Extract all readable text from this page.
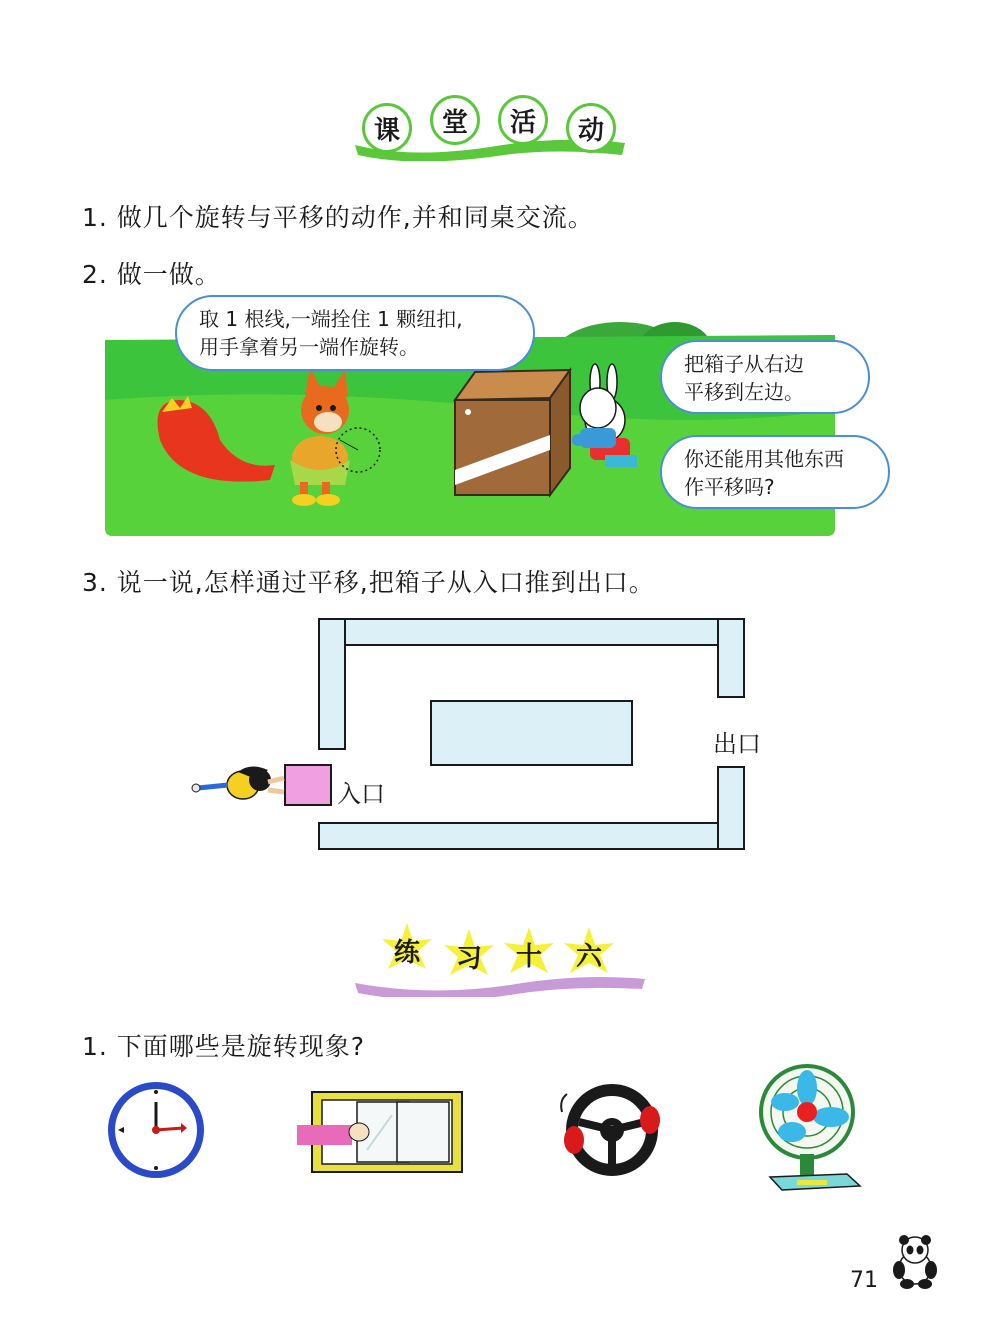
课 堂 活 动
1. 做几个旋转与平移的动作,并和同桌交流。
2. 做一做。
取 1 根线,一端拴住 1 颗纽扣,
用手拿着另一端作旋转。
把箱子从右边
平移到左边。
你还能用其他东西
作平移吗?
3. 说一说,怎样通过平移,把箱子从入口推到出口。
入口
出口
练 习 十 六
1. 下面哪些是旋转现象?
71
